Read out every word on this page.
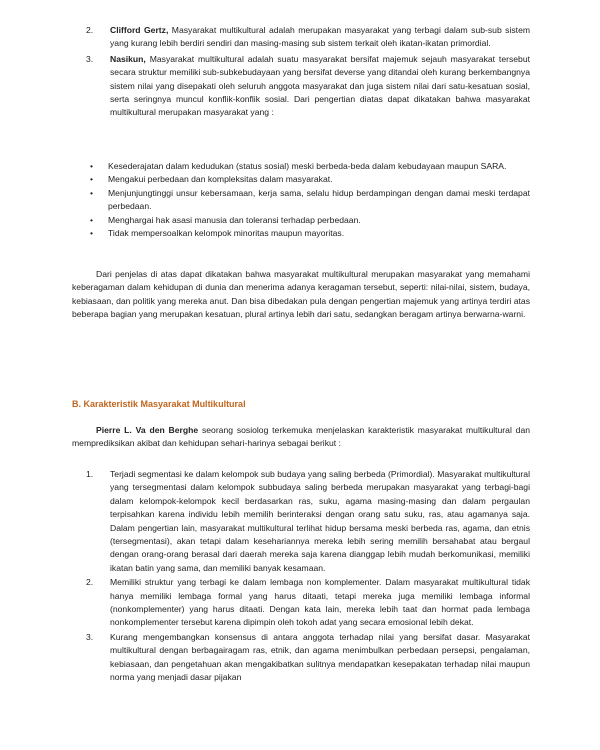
2. Clifford Gertz, Masyarakat multikultural adalah merupakan masyarakat yang terbagi dalam sub-sub sistem yang kurang lebih berdiri sendiri dan masing-masing sub sistem terkait oleh ikatan-ikatan primordial.

3. Nasikun, Masyarakat multikultural adalah suatu masyarakat bersifat majemuk sejauh masyarakat tersebut secara struktur memiliki sub-subkebudayaan yang bersifat deverse yang ditandai oleh kurang berkembangnya sistem nilai yang disepakati oleh seluruh anggota masyarakat dan juga sistem nilai dari satu-kesatuan sosial, serta seringnya muncul konflik-konflik sosial. Dari pengertian diatas dapat dikatakan bahwa masyarakat multikultural merupakan masyarakat yang :

• Kesederajatan dalam kedudukan (status sosial) meski berbeda-beda dalam kebudayaan maupun SARA.

• Mengakui perbedaan dan kompleksitas dalam masyarakat.

• Menjunjungtinggi unsur kebersamaan, kerja sama, selalu hidup berdampingan dengan damai meski terdapat perbedaan.

• Menghargai hak asasi manusia dan toleransi terhadap perbedaan.

• Tidak mempersoalkan kelompok minoritas maupun mayoritas.

Dari penjelas di atas dapat dikatakan bahwa masyarakat multikultural merupakan masyarakat yang memahami keberagaman dalam kehidupan di dunia dan menerima adanya keragaman tersebut, seperti: nilai-nilai, sistem, budaya, kebiasaan, dan politik yang mereka anut. Dan bisa dibedakan pula dengan pengertian majemuk yang artinya terdiri atas beberapa bagian yang merupakan kesatuan, plural artinya lebih dari satu, sedangkan beragam artinya berwarna-warni.

B. Karakteristik Masyarakat Multikultural

Pierre L. Va den Berghe seorang sosiolog terkemuka menjelaskan karakteristik masyarakat multikultural dan memprediksikan akibat dan kehidupan sehari-harinya sebagai berikut :

1. Terjadi segmentasi ke dalam kelompok sub budaya yang saling berbeda (Primordial). Masyarakat multikultural yang tersegmentasi dalam kelompok subbudaya saling berbeda merupakan masyarakat yang terbagi-bagi dalam kelompok-kelompok kecil berdasarkan ras, suku, agama masing-masing dan dalam pergaulan terpisahkan karena individu lebih memilih berinteraksi dengan orang satu suku, ras, atau agamanya saja. Dalam pengertian lain, masyarakat multikultural terlihat hidup bersama meski berbeda ras, agama, dan etnis (tersegmentasi), akan tetapi dalam kesehariannya mereka lebih sering memilih bersahabat atau bergaul dengan orang-orang berasal dari daerah mereka saja karena dianggap lebih mudah berkomunikasi, memiliki ikatan batin yang sama, dan memiliki banyak kesamaan.

2. Memiliki struktur yang terbagi ke dalam lembaga non komplementer. Dalam masyarakat multikultural tidak hanya memiliki lembaga formal yang harus ditaati, tetapi mereka juga memiliki lembaga informal (nonkomplementer) yang harus ditaati. Dengan kata lain, mereka lebih taat dan hormat pada lembaga nonkomplementer tersebut karena dipimpin oleh tokoh adat yang secara emosional lebih dekat.

3. Kurang mengembangkan konsensus di antara anggota terhadap nilai yang bersifat dasar. Masyarakat multikultural dengan berbagairagam ras, etnik, dan agama menimbulkan perbedaan persepsi, pengalaman, kebiasaan, dan pengetahuan akan mengakibatkan sulitnya mendapatkan kesepakatan terhadap nilai maupun norma yang menjadi dasar pijakan
